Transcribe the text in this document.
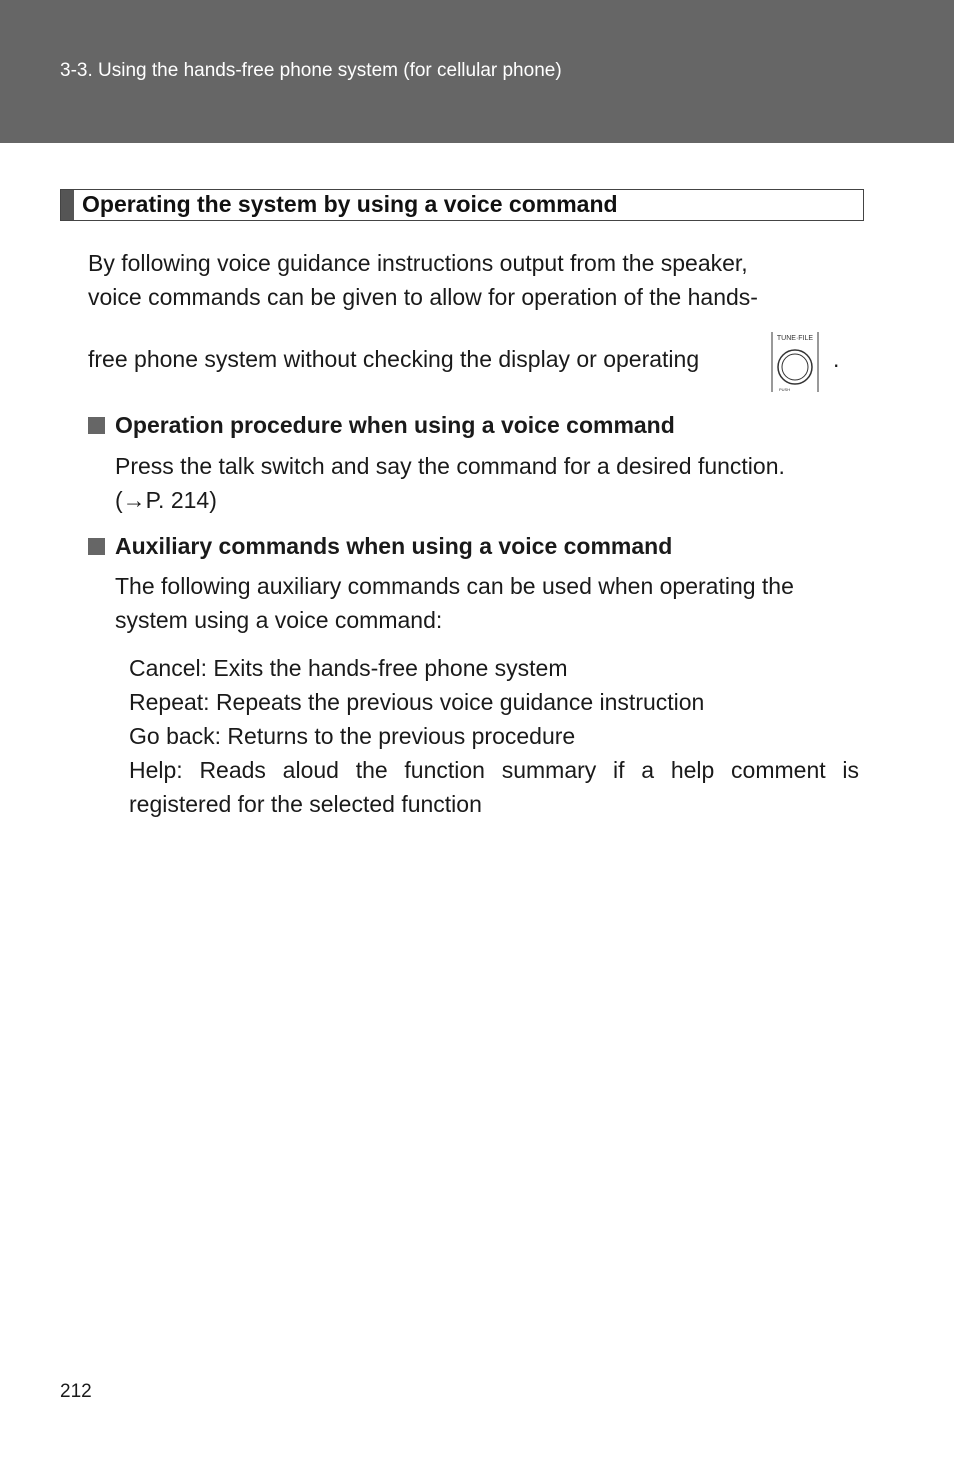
3-3. Using the hands-free phone system (for cellular phone)
Operating the system by using a voice command

By following voice guidance instructions output from the speaker,

voice commands can be given to allow for operation of the hands-

free phone system without checking the display or operating
TUNE·FILE
PUSH
.
Operation procedure when using a voice command

Press the talk switch and say the command for a desired function.

(→P. 214)

Auxiliary commands when using a voice command

The following auxiliary commands can be used when operating the

system using a voice command:

Cancel: Exits the hands-free phone system
Repeat: Repeats the previous voice guidance instruction
Go back: Returns to the previous procedure
Help: Reads aloud the function summary if a help comment is registered for the selected function
212
